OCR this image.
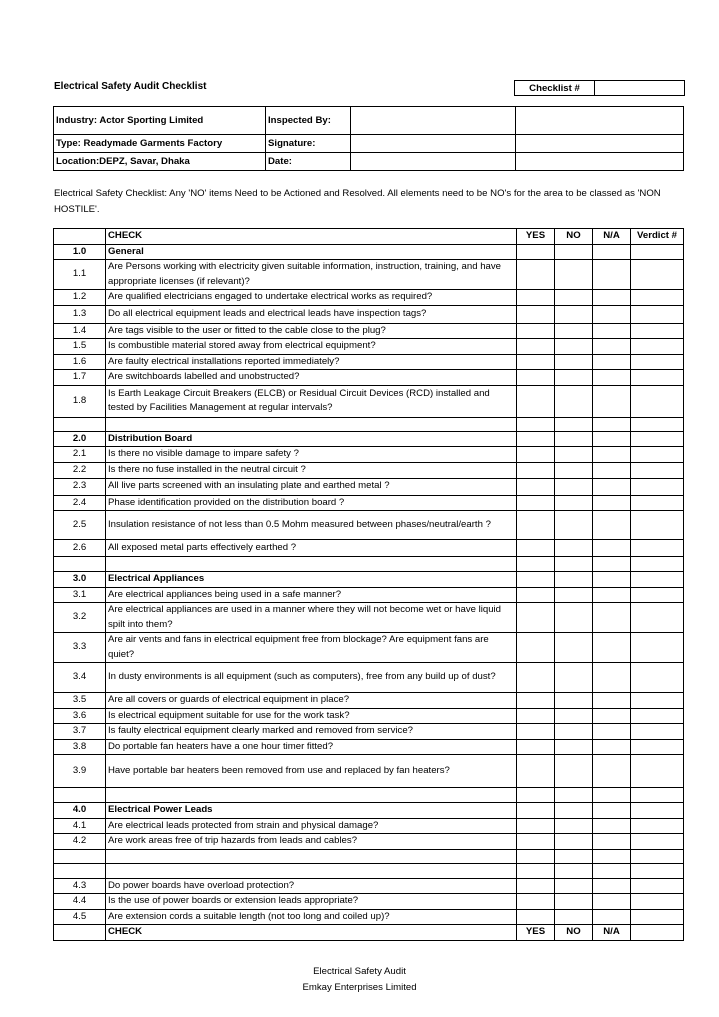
Electrical Safety Audit Checklist	Checklist #	
Industry: Actor Sporting Limited	Inspected By:		
Type: Readymade Garments Factory	Signature:		
Location:DEPZ, Savar, Dhaka	Date:		
Electrical Safety Checklist: Any 'NO' items Need to be Actioned and Resolved. All elements need to be NO's for the area to be classed as 'NON HOSTILE'.
	CHECK	YES	NO	N/A	Verdict #
1.0	General				
1.1	Are Persons working with electricity given suitable information, instruction, training, and have appropriate licenses (if relevant)?				
1.2	Are qualified electricians engaged to undertake electrical works as required?				
1.3	Do all electrical equipment leads and electrical leads have inspection tags?				
1.4	Are tags visible to the user or fitted to the cable close to the plug?				
1.5	Is combustible material stored away from electrical equipment?				
1.6	Are faulty electrical installations reported immediately?				
1.7	Are switchboards labelled and unobstructed?				
1.8	Is Earth Leakage Circuit Breakers (ELCB) or Residual Circuit Devices (RCD) installed and tested by Facilities Management at regular intervals?				

2.0	Distribution Board				
2.1	Is there no visible damage to impare safety ?				
2.2	Is there no fuse installed in the neutral circuit ?				
2.3	All live parts screened with an insulating plate and earthed metal ?				
2.4	Phase identification provided on the distribution board ?				
2.5	Insulation resistance of not less than 0.5 Mohm measured between phases/neutral/earth ?				
2.6	All exposed metal parts effectively earthed ?				

3.0	Electrical Appliances				
3.1	Are electrical appliances being used in a safe manner?				
3.2	Are electrical appliances are used in a manner where they will not become wet or have liquid spilt into them?				
3.3	Are air vents and fans in electrical equipment free from blockage? Are equipment fans are quiet?				
3.4	In dusty environments is all equipment (such as computers), free from any build up of dust?				
3.5	Are all covers or guards of electrical equipment in place?				
3.6	Is electrical equipment suitable for use for the work task?				
3.7	Is faulty electrical equipment clearly marked and removed from service?				
3.8	Do portable fan heaters have a one hour timer fitted?				
3.9	Have portable bar heaters been removed from use and replaced by fan heaters?				

4.0	Electrical Power Leads				
4.1	Are electrical leads protected from strain and physical damage?				
4.2	Are work areas free of trip hazards from leads and cables?				

4.3	Do power boards have overload protection?				
4.4	Is the use of power boards or extension leads appropriate?				
4.5	Are extension cords a suitable length (not too long and coiled up)?				
	CHECK	YES	NO	N/A	
Electrical Safety Audit
Emkay Enterprises Limited
